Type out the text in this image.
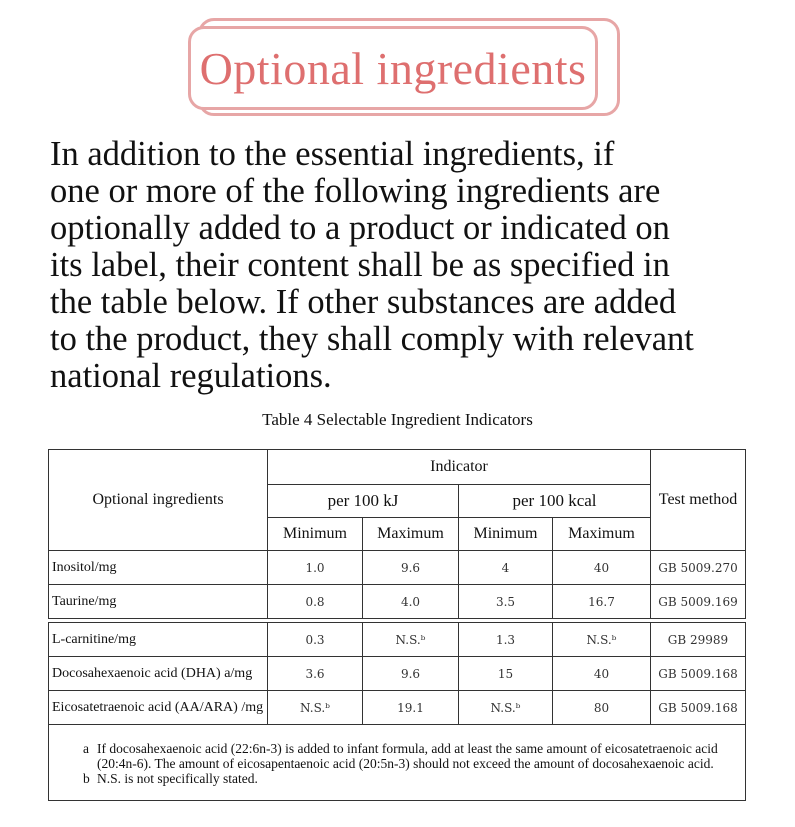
Optional ingredients

In addition to the essential ingredients, if
one or more of the following ingredients are
optionally added to a product or indicated on
its label, their content shall be as specified in
the table below. If other substances are added
to the product, they shall comply with relevant
national regulations.

Table 4 Selectable Ingredient Indicators
Optional ingredients	Indicator				Test method
	per 100 kJ		per 100 kcal		
	Minimum	Maximum	Minimum	Maximum	
Inositol/mg	1.0	9.6	4	40	GB 5009.270
Taurine/mg	0.8	4.0	3.5	16.7	GB 5009.169

L-carnitine/mg	0.3	N.S.ᵇ	1.3	N.S.ᵇ	GB 29989
Docosahexaenoic acid (DHA) a/mg	3.6	9.6	15	40	GB 5009.168
Eicosatetraenoic acid (AA/ARA) /mg	N.S.ᵇ	19.1	N.S.ᵇ	80	GB 5009.168

a If docosahexaenoic acid (22:6n-3) is added to infant formula, add at least the same amount of eicosatetraenoic acid (20:4n-6). The amount of eicosapentaenoic acid (20:5n-3) should not exceed the amount of docosahexaenoic acid.
b N.S. is not specifically stated.					
